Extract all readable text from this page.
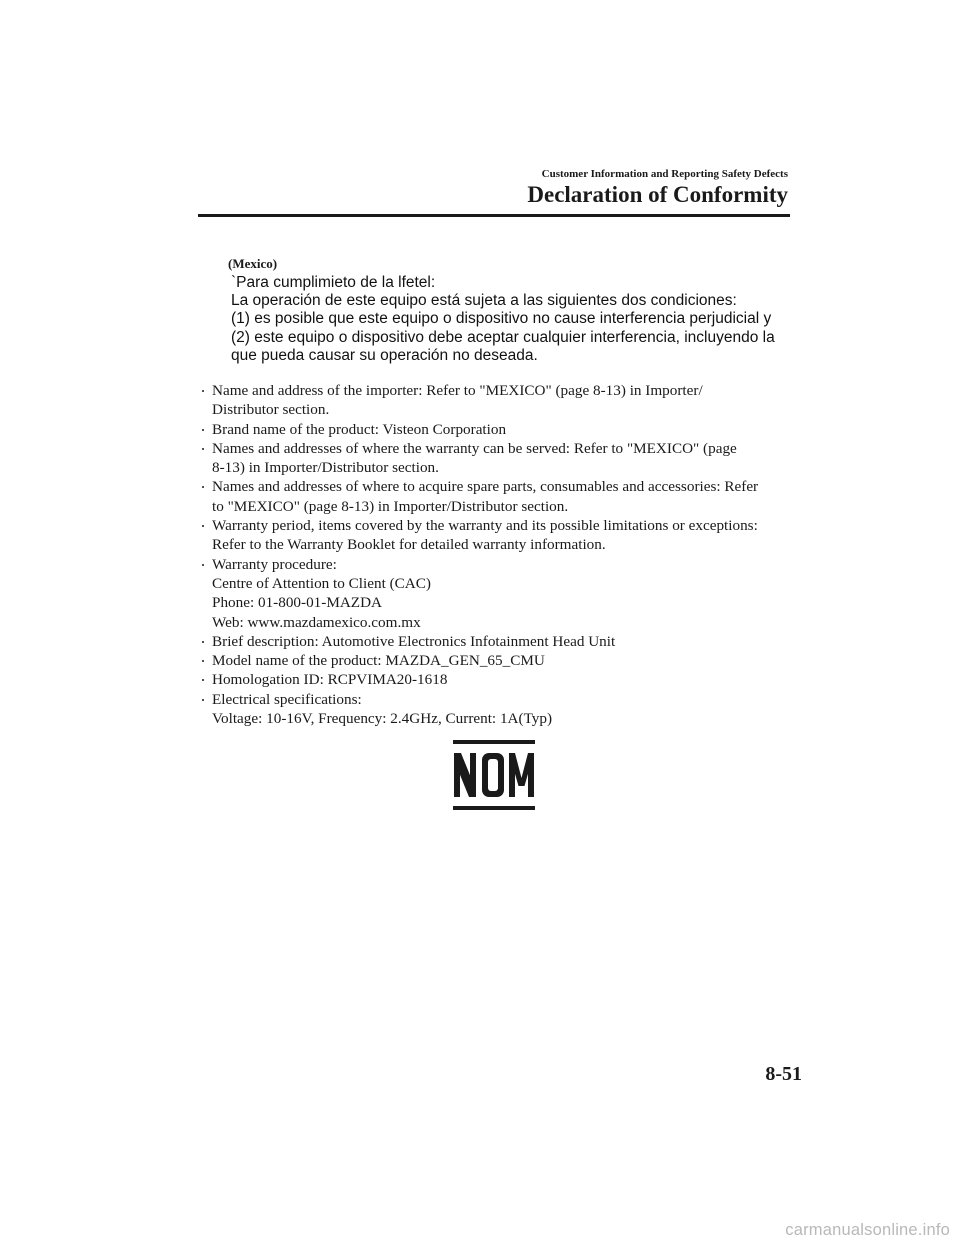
Customer Information and Reporting Safety Defects
Declaration of Conformity
(Mexico)
`Para cumplimieto de la lfetel:
La operación de este equipo está sujeta a las siguientes dos condiciones:
(1) es posible que este equipo o dispositivo no cause interferencia perjudicial y
(2) este equipo o dispositivo debe aceptar cualquier interferencia, incluyendo la
que pueda causar su operación no deseada.
Name and address of the importer: Refer to "MEXICO" (page 8-13) in Importer/
Distributor section.
Brand name of the product: Visteon Corporation
Names and addresses of where the warranty can be served: Refer to "MEXICO" (page
8-13) in Importer/Distributor section.
Names and addresses of where to acquire spare parts, consumables and accessories: Refer
to "MEXICO" (page 8-13) in Importer/Distributor section.
Warranty period, items covered by the warranty and its possible limitations or exceptions:
Refer to the Warranty Booklet for detailed warranty information.
Warranty procedure:
Centre of Attention to Client (CAC)
Phone: 01-800-01-MAZDA
Web: www.mazdamexico.com.mx
Brief description: Automotive Electronics Infotainment Head Unit
Model name of the product: MAZDA_GEN_65_CMU
Homologation ID: RCPVIMA20-1618
Electrical specifications:
Voltage: 10-16V, Frequency: 2.4GHz, Current: 1A(Typ)
8-51
carmanualsonline.info
